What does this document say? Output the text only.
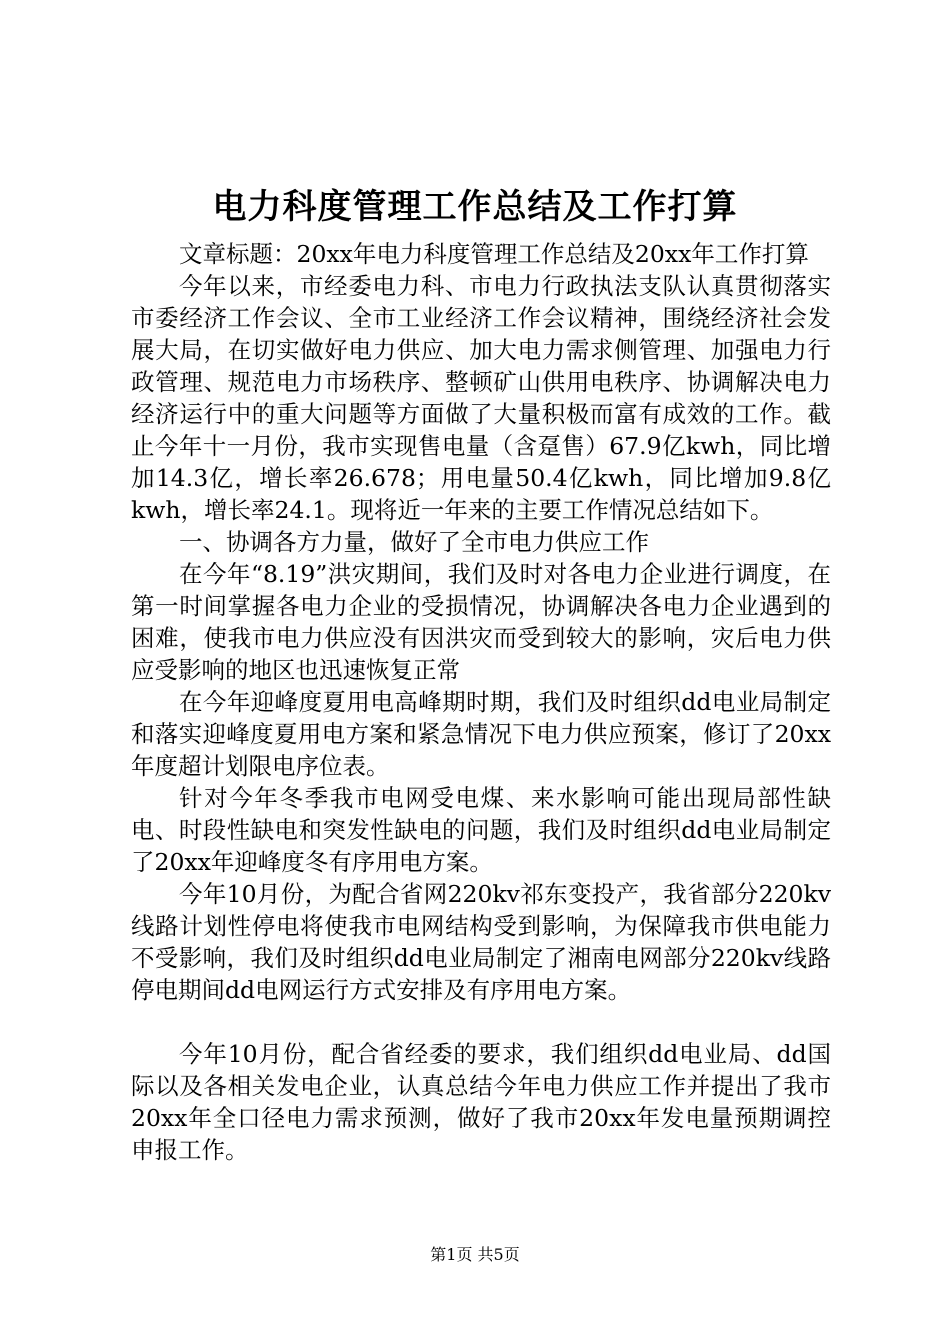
电力科度管理工作总结及工作打算

文章标题：20xx年电力科度管理工作总结及20xx年工作打算

今年以来，市经委电力科、市电力行政执法支队认真贯彻落实市委经济工作会议、全市工业经济工作会议精神，围绕经济社会发展大局，在切实做好电力供应、加大电力需求侧管理、加强电力行政管理、规范电力市场秩序、整顿矿山供用电秩序、协调解决电力经济运行中的重大问题等方面做了大量积极而富有成效的工作。截止今年十一月份，我市实现售电量（含趸售）67.9亿kwh，同比增加14.3亿，增长率26.678；用电量50.4亿kwh，同比增加9.8亿kwh，增长率24.1。现将近一年来的主要工作情况总结如下。

一、协调各方力量，做好了全市电力供应工作

在今年“8.19”洪灾期间，我们及时对各电力企业进行调度，在第一时间掌握各电力企业的受损情况，协调解决各电力企业遇到的困难，使我市电力供应没有因洪灾而受到较大的影响，灾后电力供应受影响的地区也迅速恢复正常

在今年迎峰度夏用电高峰期时期，我们及时组织dd电业局制定和落实迎峰度夏用电方案和紧急情况下电力供应预案，修订了20xx年度超计划限电序位表。

针对今年冬季我市电网受电煤、来水影响可能出现局部性缺电、时段性缺电和突发性缺电的问题，我们及时组织dd电业局制定了20xx年迎峰度冬有序用电方案。

今年10月份，为配合省网220kv祁东变投产，我省部分220kv线路计划性停电将使我市电网结构受到影响，为保障我市供电能力不受影响，我们及时组织dd电业局制定了湘南电网部分220kv线路停电期间dd电网运行方式安排及有序用电方案。

今年10月份，配合省经委的要求，我们组织dd电业局、dd国际以及各相关发电企业，认真总结今年电力供应工作并提出了我市20xx年全口径电力需求预测，做好了我市20xx年发电量预期调控申报工作。

第1页 共5页
